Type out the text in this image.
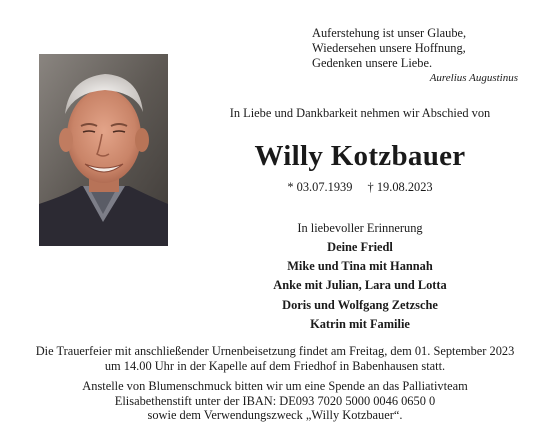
Auferstehung ist unser Glaube,
Wiedersehen unsere Hoffnung,
Gedenken unsere Liebe.
Aurelius Augustinus
In Liebe und Dankbarkeit nehmen wir Abschied von
Willy Kotzbauer
* 03.07.1939 † 19.08.2023
In liebevoller Erinnerung
Deine Friedl
Mike und Tina mit Hannah
Anke mit Julian, Lara und Lotta
Doris und Wolfgang Zetzsche
Katrin mit Familie
Die Trauerfeier mit anschließender Urnenbeisetzung findet am Freitag, dem 01. September 2023
um 14.00 Uhr in der Kapelle auf dem Friedhof in Babenhausen statt.
Anstelle von Blumenschmuck bitten wir um eine Spende an das Palliativteam
Elisabethenstift unter der IBAN: DE093 7020 5000 0046 0650 0
sowie dem Verwendungszweck „Willy Kotzbauer“.
